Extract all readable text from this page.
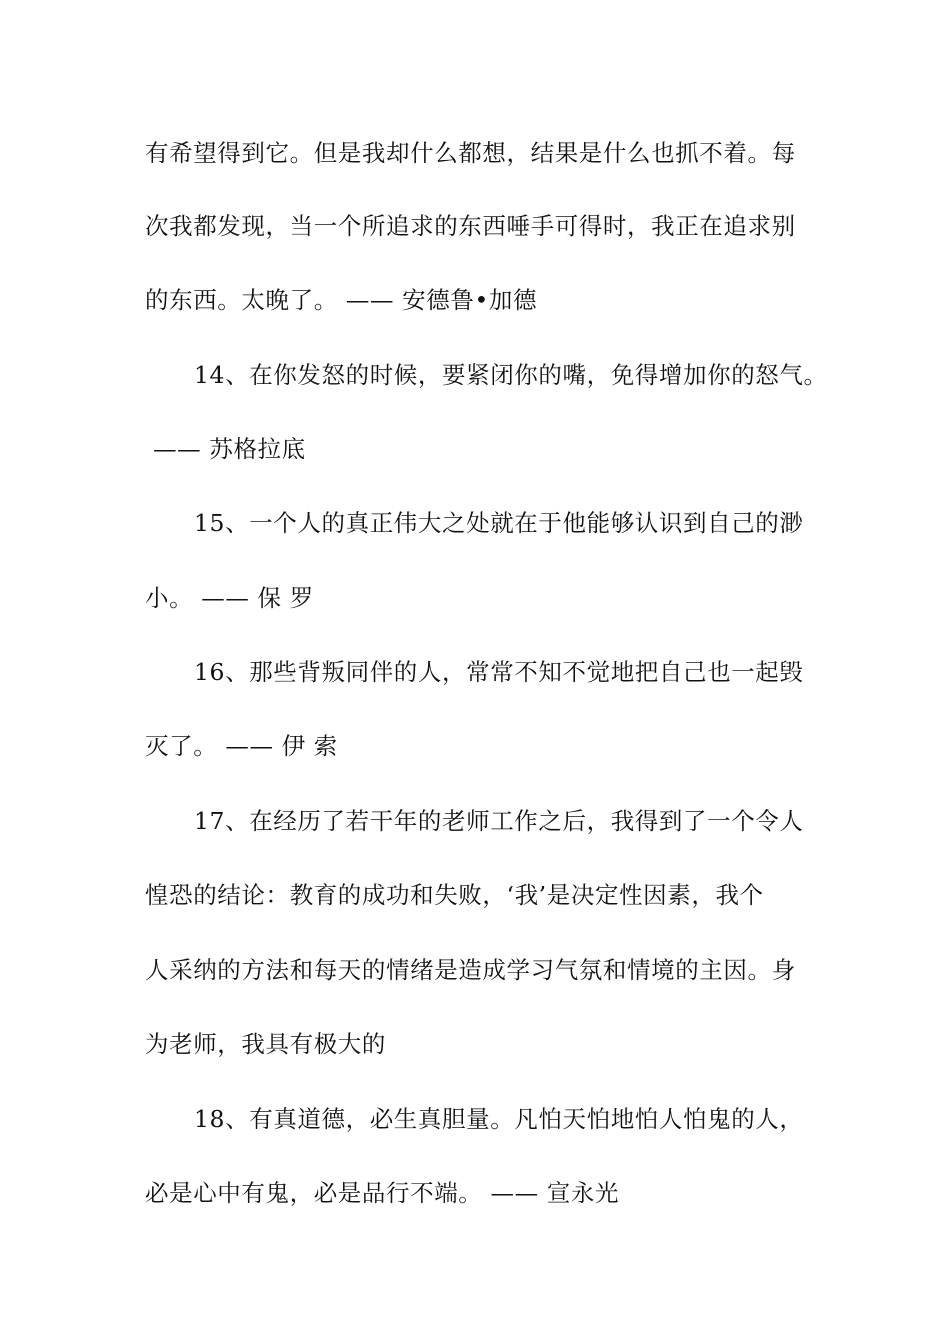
有希望得到它。但是我却什么都想，结果是什么也抓不着。每

次我都发现，当一个所追求的东西唾手可得时，我正在追求别

的东西。太晚了。 —— 安德鲁•加德

14、在你发怒的时候，要紧闭你的嘴，免得增加你的怒气。

—— 苏格拉底

15、一个人的真正伟大之处就在于他能够认识到自己的渺

小。 —— 保 罗

16、那些背叛同伴的人，常常不知不觉地把自己也一起毁

灭了。 —— 伊 索

17、在经历了若干年的老师工作之后，我得到了一个令人

惶恐的结论：教育的成功和失败，‘我’是决定性因素，我个

人采纳的方法和每天的情绪是造成学习气氛和情境的主因。身

为老师，我具有极大的

18、有真道德，必生真胆量。凡怕天怕地怕人怕鬼的人，

必是心中有鬼，必是品行不端。 —— 宣永光
